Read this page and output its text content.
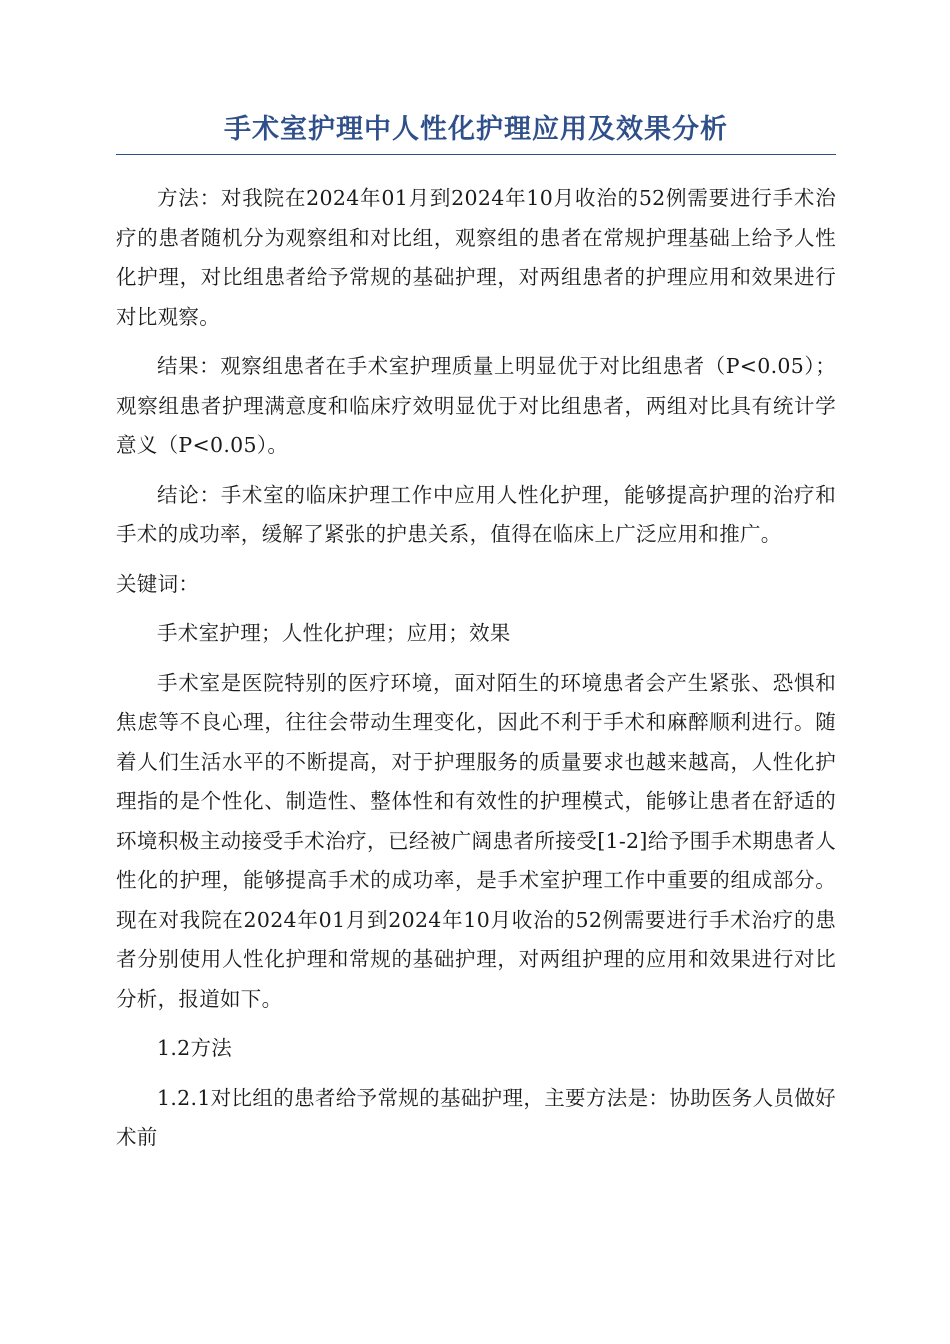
手术室护理中人性化护理应用及效果分析

方法：对我院在2024年01月到2024年10月收治的52例需要进行手术治疗的患者随机分为观察组和对比组，观察组的患者在常规护理基础上给予人性化护理，对比组患者给予常规的基础护理，对两组患者的护理应用和效果进行对比观察。

结果：观察组患者在手术室护理质量上明显优于对比组患者（P<0.05）；观察组患者护理满意度和临床疗效明显优于对比组患者，两组对比具有统计学意义（P<0.05）。

结论：手术室的临床护理工作中应用人性化护理，能够提高护理的治疗和手术的成功率，缓解了紧张的护患关系，值得在临床上广泛应用和推广。

关键词：

手术室护理；人性化护理；应用；效果

手术室是医院特别的医疗环境，面对陌生的环境患者会产生紧张、恐惧和焦虑等不良心理，往往会带动生理变化，因此不利于手术和麻醉顺利进行。随着人们生活水平的不断提高，对于护理服务的质量要求也越来越高，人性化护理指的是个性化、制造性、整体性和有效性的护理模式，能够让患者在舒适的环境积极主动接受手术治疗，已经被广阔患者所接受[1-2]给予围手术期患者人性化的护理，能够提高手术的成功率，是手术室护理工作中重要的组成部分。现在对我院在2024年01月到2024年10月收治的52例需要进行手术治疗的患者分别使用人性化护理和常规的基础护理，对两组护理的应用和效果进行对比分析，报道如下。

1.2方法

1.2.1对比组的患者给予常规的基础护理，主要方法是：协助医务人员做好术前
